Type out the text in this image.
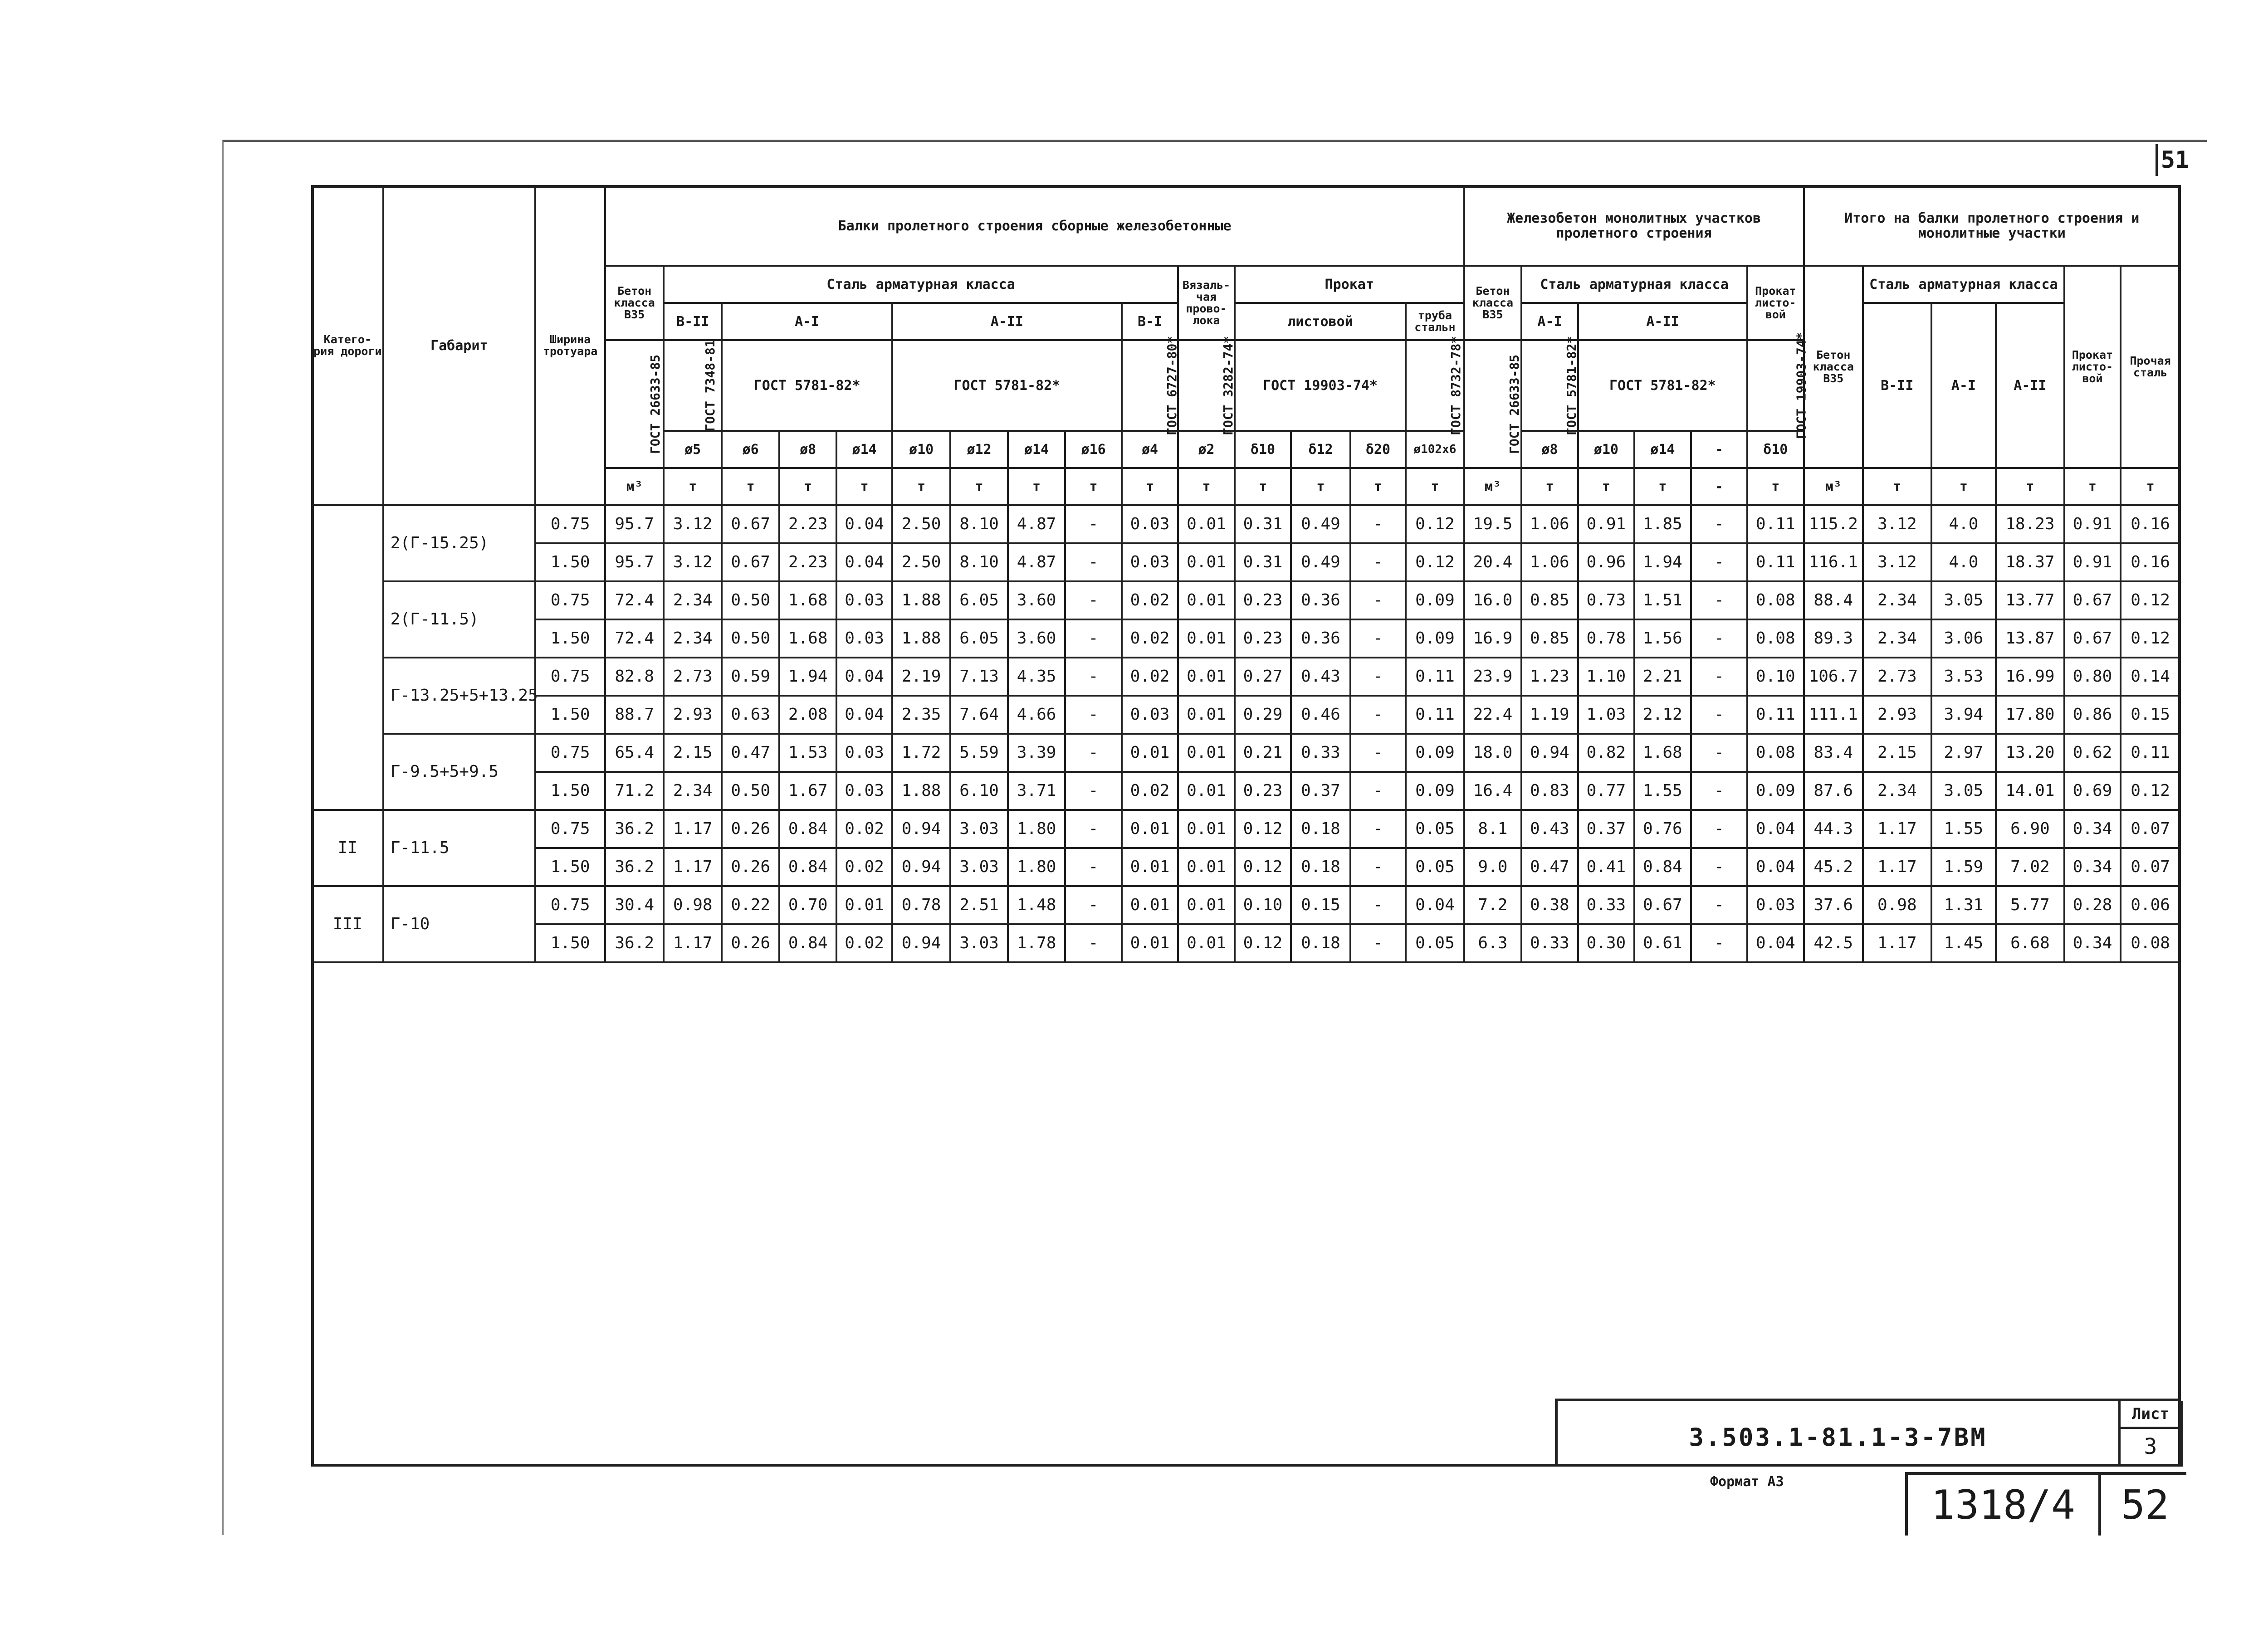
51
Катего- рия дороги	Габарит	Ширина тротуара	Балки пролетного строения сборные железобетонные															Железобетон монолитных участков пролетного строения						Итого на балки пролетного строения и монолитные участки					
			Бетон класса B35	Сталь арматурная класса									Вязаль- чая прово- лока	Прокат				Бетон класса B35	Сталь арматурная класса				Прокат листо- вой	Бетон класса B35	Сталь арматурная класса			Прокат листо- вой	Прочая сталь
				В-II	А-I			А-II				В-I		листовой			труба стальн		А-I	А-II					В-II	А-I	А-II		
			ГОСТ 26633-85	ГОСТ 7348-81	ГОСТ 5781-82*			ГОСТ 5781-82*				ГОСТ 6727-80*	ГОСТ 3282-74*	ГОСТ 19903-74*			ГОСТ 8732-78*	ГОСТ 26633-85	ГОСТ 5781-82*	ГОСТ 5781-82*			ГОСТ 19903-74*						
				ø5	ø6	ø8	ø14	ø10	ø12	ø14	ø16	ø4	ø2	δ10	δ12	δ20	ø102x6		ø8	ø10	ø14	-	δ10						
			м³	т	т	т	т	т	т	т	т	т	т	т	т	т	т	м³	т	т	т	-	т	м³	т	т	т	т	т
	2(Г-15.25)	0.75	95.7	3.12	0.67	2.23	0.04	2.50	8.10	4.87	-	0.03	0.01	0.31	0.49	-	0.12	19.5	1.06	0.91	1.85	-	0.11	115.2	3.12	4.0	18.23	0.91	0.16
		1.50	95.7	3.12	0.67	2.23	0.04	2.50	8.10	4.87	-	0.03	0.01	0.31	0.49	-	0.12	20.4	1.06	0.96	1.94	-	0.11	116.1	3.12	4.0	18.37	0.91	0.16
	2(Г-11.5)	0.75	72.4	2.34	0.50	1.68	0.03	1.88	6.05	3.60	-	0.02	0.01	0.23	0.36	-	0.09	16.0	0.85	0.73	1.51	-	0.08	88.4	2.34	3.05	13.77	0.67	0.12
		1.50	72.4	2.34	0.50	1.68	0.03	1.88	6.05	3.60	-	0.02	0.01	0.23	0.36	-	0.09	16.9	0.85	0.78	1.56	-	0.08	89.3	2.34	3.06	13.87	0.67	0.12
	Г-13.25+5+13.25	0.75	82.8	2.73	0.59	1.94	0.04	2.19	7.13	4.35	-	0.02	0.01	0.27	0.43	-	0.11	23.9	1.23	1.10	2.21	-	0.10	106.7	2.73	3.53	16.99	0.80	0.14
		1.50	88.7	2.93	0.63	2.08	0.04	2.35	7.64	4.66	-	0.03	0.01	0.29	0.46	-	0.11	22.4	1.19	1.03	2.12	-	0.11	111.1	2.93	3.94	17.80	0.86	0.15
	Г-9.5+5+9.5	0.75	65.4	2.15	0.47	1.53	0.03	1.72	5.59	3.39	-	0.01	0.01	0.21	0.33	-	0.09	18.0	0.94	0.82	1.68	-	0.08	83.4	2.15	2.97	13.20	0.62	0.11
		1.50	71.2	2.34	0.50	1.67	0.03	1.88	6.10	3.71	-	0.02	0.01	0.23	0.37	-	0.09	16.4	0.83	0.77	1.55	-	0.09	87.6	2.34	3.05	14.01	0.69	0.12
II	Г-11.5	0.75	36.2	1.17	0.26	0.84	0.02	0.94	3.03	1.80	-	0.01	0.01	0.12	0.18	-	0.05	8.1	0.43	0.37	0.76	-	0.04	44.3	1.17	1.55	6.90	0.34	0.07
		1.50	36.2	1.17	0.26	0.84	0.02	0.94	3.03	1.80	-	0.01	0.01	0.12	0.18	-	0.05	9.0	0.47	0.41	0.84	-	0.04	45.2	1.17	1.59	7.02	0.34	0.07
III	Г-10	0.75	30.4	0.98	0.22	0.70	0.01	0.78	2.51	1.48	-	0.01	0.01	0.10	0.15	-	0.04	7.2	0.38	0.33	0.67	-	0.03	37.6	0.98	1.31	5.77	0.28	0.06
		1.50	36.2	1.17	0.26	0.84	0.02	0.94	3.03	1.78	-	0.01	0.01	0.12	0.18	-	0.05	6.3	0.33	0.30	0.61	-	0.04	42.5	1.17	1.45	6.68	0.34	0.08
3.503.1-81.1-3-7ВМ
Лист
3
Формат А3	1318/4	52
